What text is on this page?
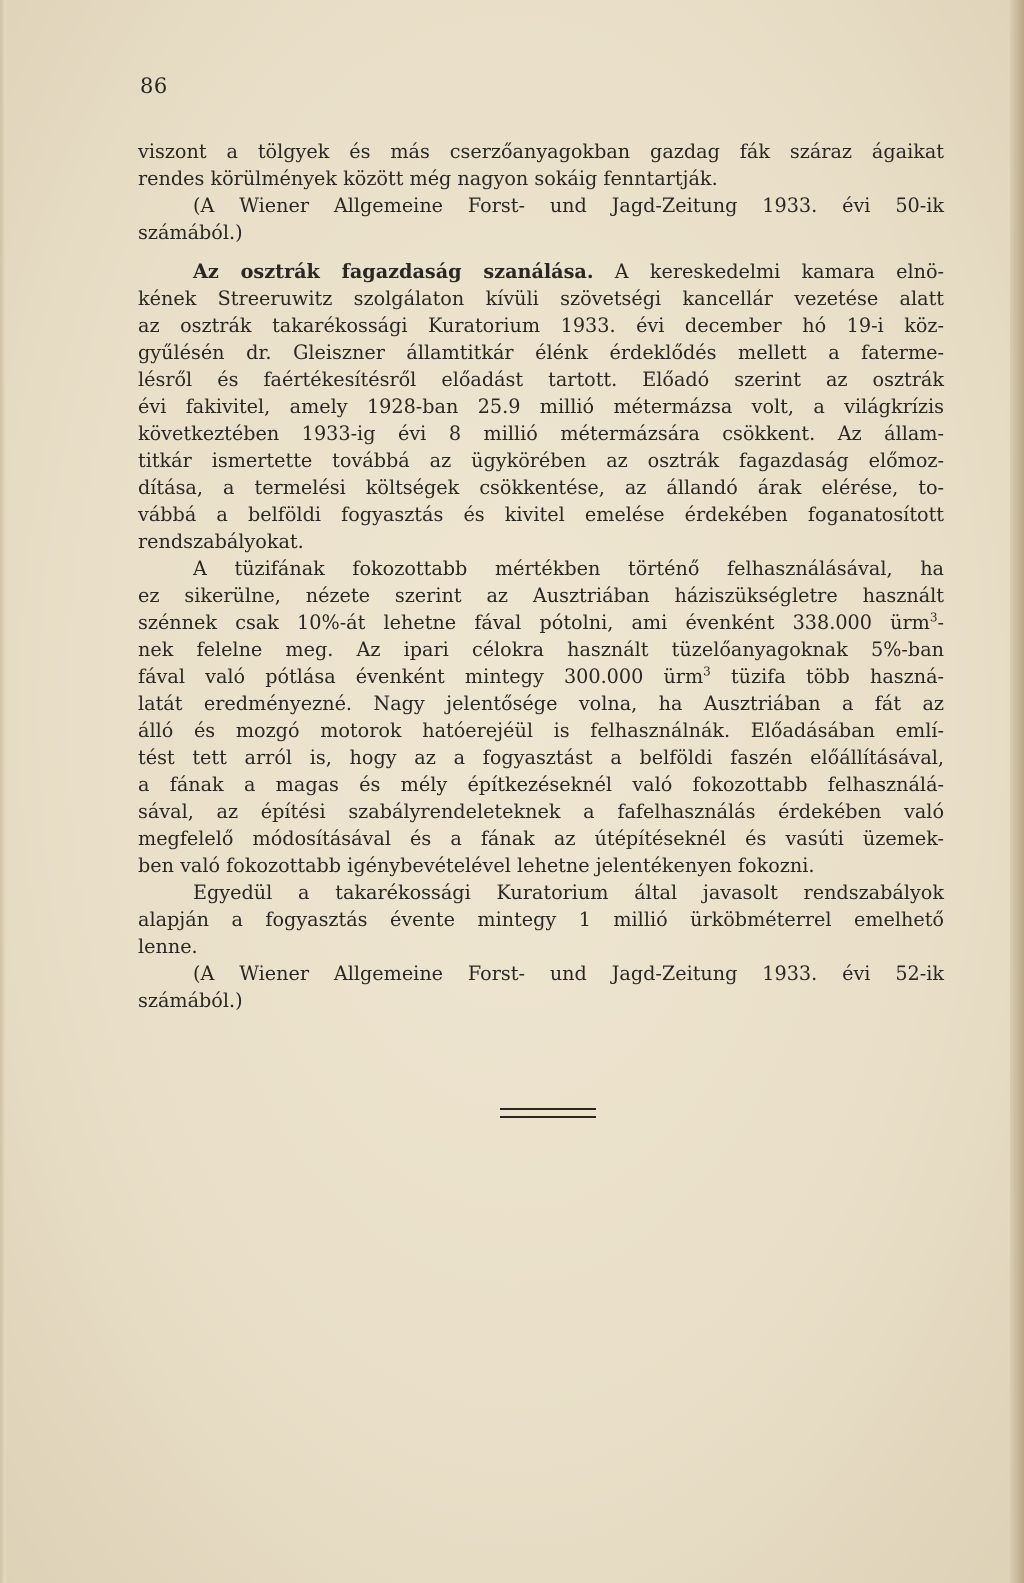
86

viszont a tölgyek és más cserzőanyagokban gazdag fák száraz ágaikat
rendes körülmények között még nagyon sokáig fenntartják.

(A Wiener Allgemeine Forst- und Jagd-Zeitung 1933. évi 50-ik
számából.)

Az osztrák fagazdaság szanálása. A kereskedelmi kamara elnö-
kének Streeruwitz szolgálaton kívüli szövetségi kancellár vezetése alatt
az osztrák takarékossági Kuratorium 1933. évi december hó 19-i köz-
gyűlésén dr. Gleiszner államtitkár élénk érdeklődés mellett a faterme-
lésről és faértékesítésről előadást tartott. Előadó szerint az osztrák
évi fakivitel, amely 1928-ban 25.9 millió métermázsa volt, a világkrízis
következtében 1933-ig évi 8 millió métermázsára csökkent. Az állam-
titkár ismertette továbbá az ügykörében az osztrák fagazdaság előmoz-
dítása, a termelési költségek csökkentése, az állandó árak elérése, to-
vábbá a belföldi fogyasztás és kivitel emelése érdekében foganatosított
rendszabályokat.

A tüzifának fokozottabb mértékben történő felhasználásával, ha
ez sikerülne, nézete szerint az Ausztriában háziszükségletre használt
szénnek csak 10%-át lehetne fával pótolni, ami évenként 338.000 ürm$^3$-
nek felelne meg. Az ipari célokra használt tüzelőanyagoknak 5%-ban
fával való pótlása évenként mintegy 300.000 ürm$^3$ tüzifa több haszná-
latát eredményezné. Nagy jelentősége volna, ha Ausztriában a fát az
álló és mozgó motorok hatóerejéül is felhasználnák. Előadásában emlí-
tést tett arról is, hogy az a fogyasztást a belföldi faszén előállításával,
a fának a magas és mély építkezéseknél való fokozottabb felhasználá-
sával, az építési szabályrendeleteknek a fafelhasználás érdekében való
megfelelő módosításával és a fának az útépítéseknél és vasúti üzemek-
ben való fokozottabb igénybevételével lehetne jelentékenyen fokozni.

Egyedül a takarékossági Kuratorium által javasolt rendszabályok
alapján a fogyasztás évente mintegy 1 millió ürköbméterrel emelhető
lenne.

(A Wiener Allgemeine Forst- und Jagd-Zeitung 1933. évi 52-ik
számából.)
